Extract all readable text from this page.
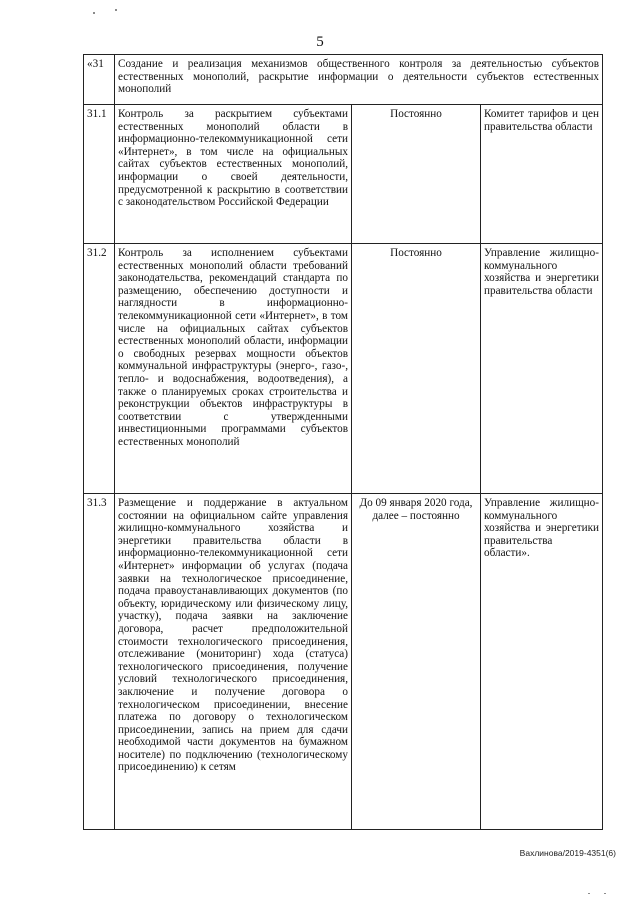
5
«31	Создание и реализация механизмов общественного контроля за деятельностью субъектов естественных монополий, раскрытие информации о деятельности субъектов естественных монополий		
31.1	Контроль за раскрытием субъектами естественных монополий области в информационно-телекоммуникационной сети «Интернет», в том числе на официальных сайтах субъектов естественных монополий, информации о своей деятельности, предусмотренной к раскрытию в соответствии с законодательством Российской Федерации	Постоянно	Комитет тарифов и цен правительства области
31.2	Контроль за исполнением субъектами естественных монополий области требований законодательства, рекомендаций стандарта по размещению, обеспечению доступности и наглядности в информационно-телекоммуникационной сети «Интернет», в том числе на официальных сайтах субъектов естественных монополий области, информации о свободных резервах мощности объектов коммунальной инфраструктуры (энерго-, газо-, тепло- и водоснабжения, водоотведения), а также о планируемых сроках строительства и реконструкции объектов инфраструктуры в соответствии с утвержденными инвестиционными программами субъектов естественных монополий	Постоянно	Управление жилищно-коммунального хозяйства и энергетики правительства области
31.3	Размещение и поддержание в актуальном состоянии на официальном сайте управления жилищно-коммунального хозяйства и энергетики правительства области в информационно-телекоммуникационной сети «Интернет» информации об услугах (подача заявки на технологическое присоединение, подача правоустанавливающих документов (по объекту, юридическому или физическому лицу, участку), подача заявки на заключение договора, расчет предположительной стоимости технологического присоединения, отслеживание (мониторинг) хода (статуса) технологического присоединения, получение условий технологического присоединения, заключение и получение договора о технологическом присоединении, внесение платежа по договору о технологическом присоединении, запись на прием для сдачи необходимой части документов на бумажном носителе) по подключению (технологическому присоединению) к сетям	До 09 января 2020 года, далее – постоянно	Управление жилищно-коммунального хозяйства и энергетики правительства области».
Вахлинова/2019-4351(6)
